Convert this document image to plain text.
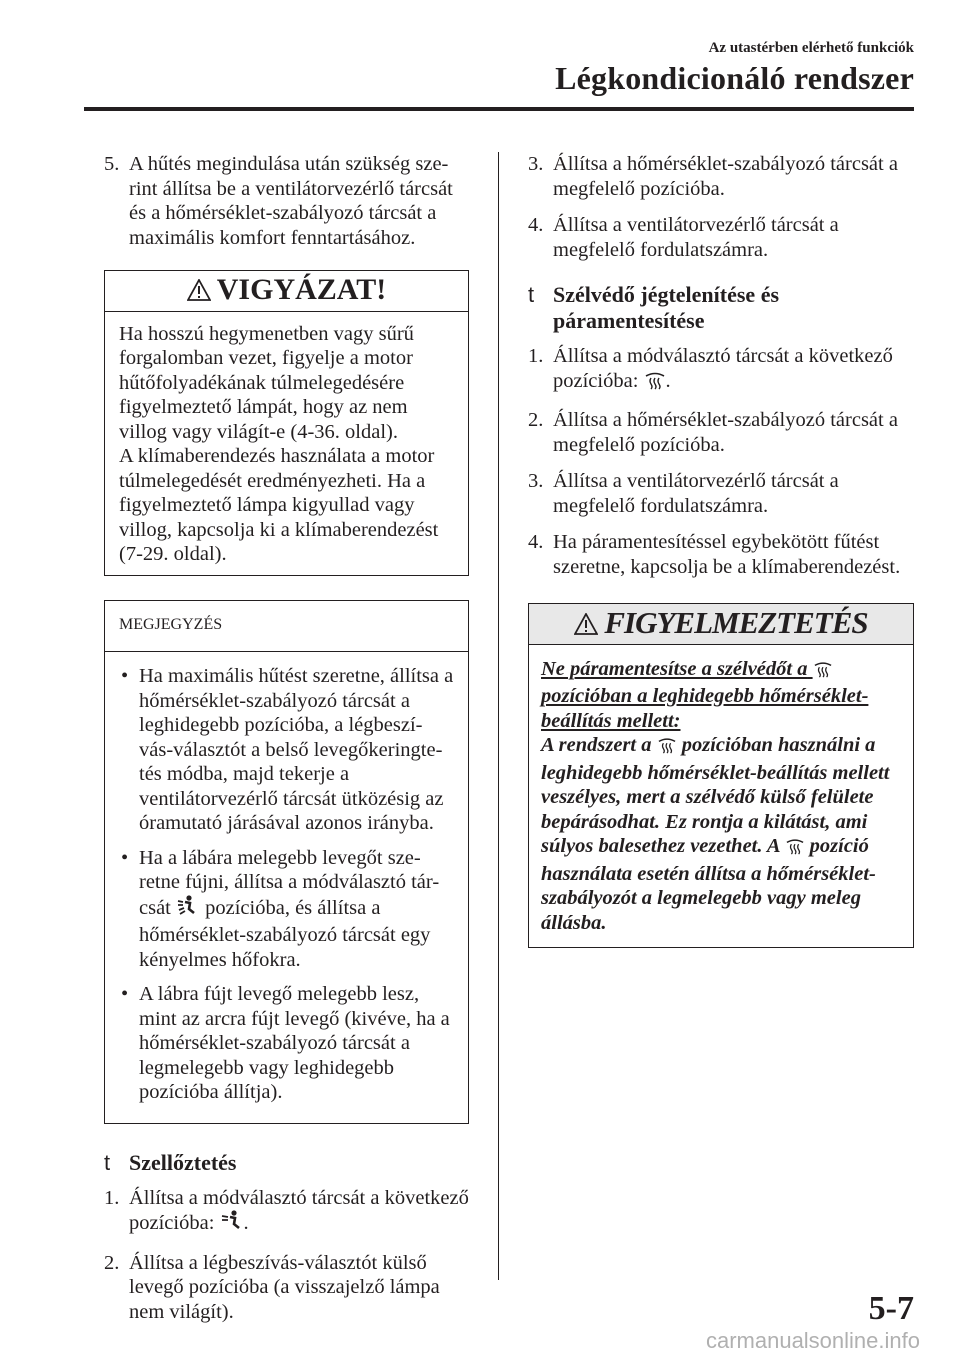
Az utastérben elérhető funkciók
Légkondicionáló rendszer
5. A hűtés megindulása után szükség sze-rint állítsa be a ventilátorvezérlő tárcsát és a hőmérséklet-szabályozó tárcsát a maximális komfort fenntartásához.
VIGYÁZAT!
Ha hosszú hegymenetben vagy sűrű forgalomban vezet, figyelje a motor hűtőfolyadékának túlmelegedésére figyelmeztető lámpát, hogy az nem villog vagy világít-e (4-36. oldal).
A klímaberendezés használata a motor túlmelegedését eredményezheti. Ha a figyelmeztető lámpa kigyullad vagy villog, kapcsolja ki a klímaberendezést (7-29. oldal).
MEGJEGYZÉS
• Ha maximális hűtést szeretne, állítsa a hőmérséklet-szabályozó tárcsát a leghidegebb pozícióba, a légbeszí-vás-választót a belső levegőkeringte-tés módba, majd tekerje a ventilátorvezérlő tárcsát ütközésig az óramutató járásával azonos irányba.
• Ha a lábára melegebb levegőt sze-retne fújni, állítsa a módválasztó tár-csát pozícióba, és állítsa a hőmérséklet-szabályozó tárcsát egy kényelmes hőfokra.
• A lábra fújt levegő melegebb lesz, mint az arcra fújt levegő (kivéve, ha a hőmérséklet-szabályozó tárcsát a legmelegebb vagy leghidegebb pozícióba állítja).
t Szellőztetés
1. Állítsa a módválasztó tárcsát a következő pozícióba: .
2. Állítsa a légbeszívás-választót külső levegő pozícióba (a visszajelző lámpa nem világít).
3. Állítsa a hőmérséklet-szabályozó tárcsát a megfelelő pozícióba.
4. Állítsa a ventilátorvezérlő tárcsát a megfelelő fordulatszámra.
t Szélvédő jégtelenítése és páramentesítése
1. Állítsa a módválasztó tárcsát a következő pozícióba: .
2. Állítsa a hőmérséklet-szabályozó tárcsát a megfelelő pozícióba.
3. Állítsa a ventilátorvezérlő tárcsát a megfelelő fordulatszámra.
4. Ha páramentesítéssel egybekötött fűtést szeretne, kapcsolja be a klímaberendezést.
FIGYELMEZTETÉS
Ne páramentesítse a szélvédőt a  pozícióban a leghidegebb hőmérséklet-beállítás mellett:
A rendszert a pozícióban használni a leghidegebb hőmérséklet-beállítás mellett veszélyes, mert a szélvédő külső felülete bepárásodhat. Ez rontja a kilátást, ami súlyos balesethez vezethet. A pozíció használata esetén állítsa a hőmérséklet-szabályozót a legmelegebb vagy meleg állásba.
5-7
carmanualsonline.info
